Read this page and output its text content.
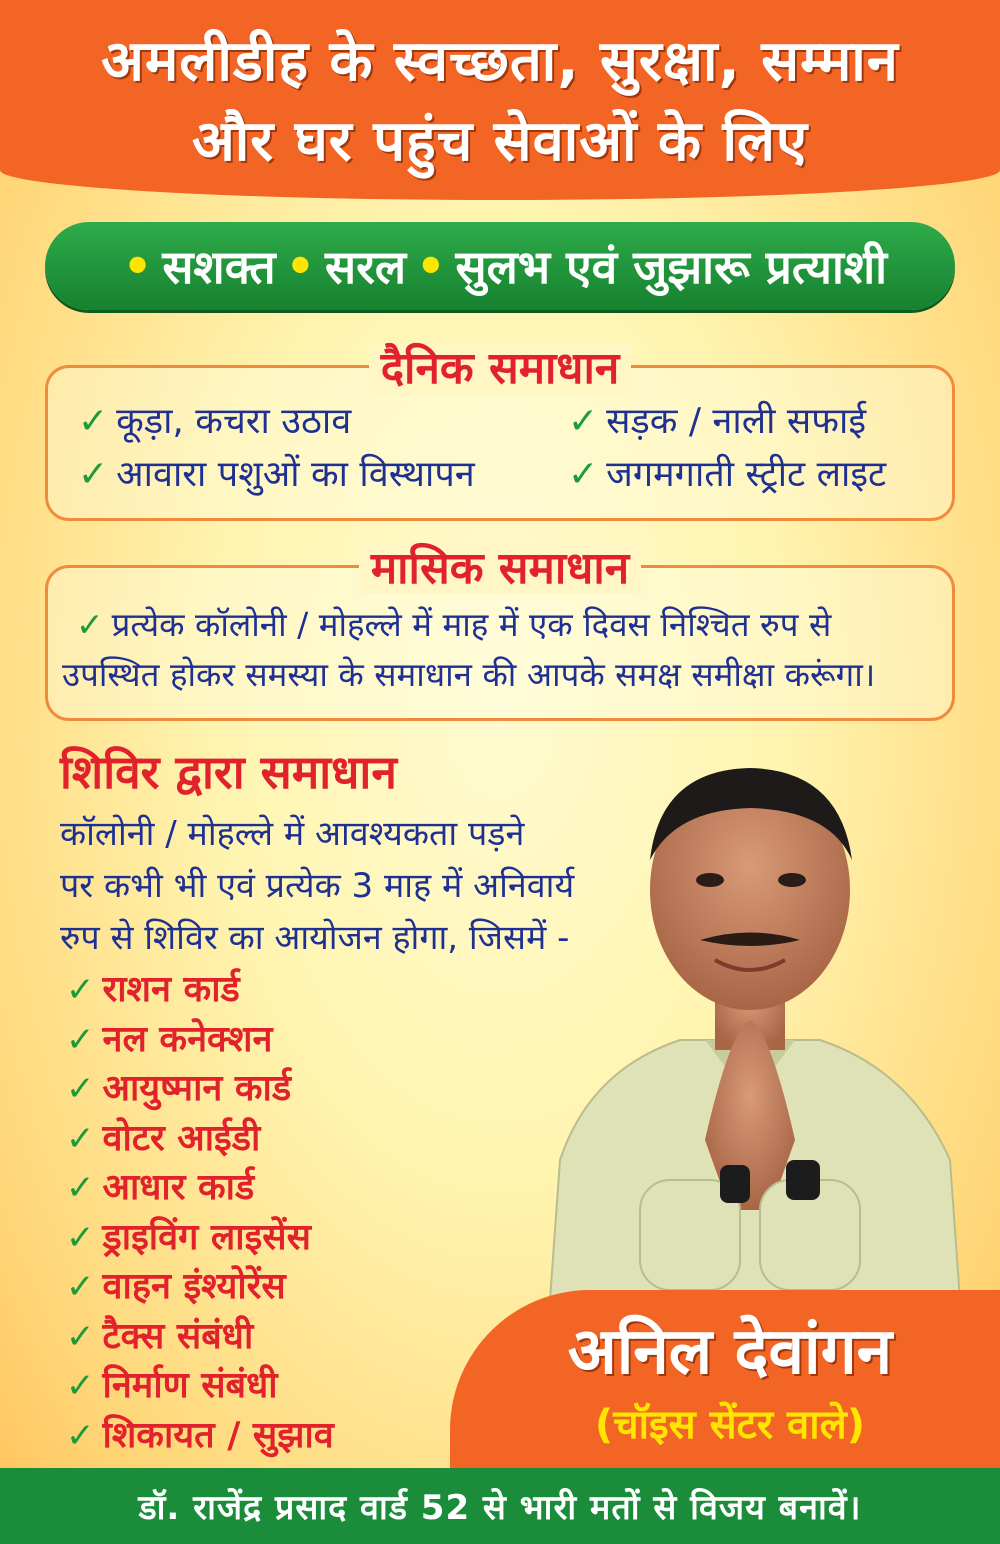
अमलीडीह के स्वच्छता, सुरक्षा, सम्मान
और घर पहुंच सेवाओं के लिए
• सशक्त • सरल • सुलभ एवं जुझारू प्रत्याशी
दैनिक समाधान
✓ कूड़ा, कचरा उठाव	✓ सड़क / नाली सफाई
✓ आवारा पशुओं का विस्थापन	✓ जगमगाती स्ट्रीट लाइट
मासिक समाधान
✓ प्रत्येक कॉलोनी / मोहल्ले में माह में एक दिवस निश्चित रुप से
उपस्थित होकर समस्या के समाधान की आपके समक्ष समीक्षा करूंगा।
शिविर द्वारा समाधान
कॉलोनी / मोहल्ले में आवश्यकता पड़ने
पर कभी भी एवं प्रत्येक 3 माह में अनिवार्य
रुप से शिविर का आयोजन होगा, जिसमें -
✓ राशन कार्ड
✓ नल कनेक्शन
✓ आयुष्मान कार्ड
✓ वोटर आईडी
✓ आधार कार्ड
✓ ड्राइविंग लाइसेंस
✓ वाहन इंश्योरेंस
✓ टैक्स संबंधी
✓ निर्माण संबंधी
✓ शिकायत / सुझाव
अनिल देवांगन
(चॉइस सेंटर वाले)
डॉ. राजेंद्र प्रसाद वार्ड 52 से भारी मतों से विजय बनावें।
